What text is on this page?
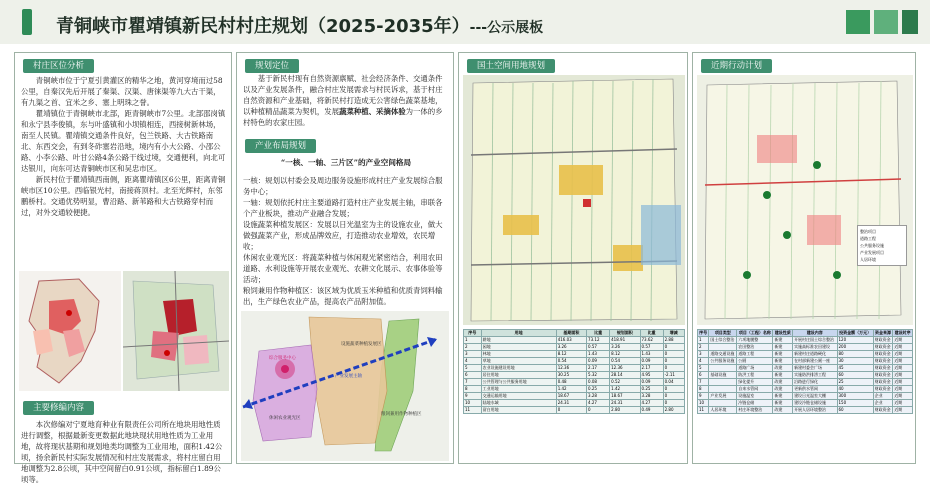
青铜峡市瞿靖镇新民村村庄规划（2025-2035年）---公示展板
村庄区位分析

青铜峡市位于宁夏引黄灌区的精华之地，黄河穿境而过58公里，自秦汉先后开展了秦渠、汉渠、唐徕渠等九大古干渠，有九渠之首、宜米之乡、塞上明珠之誉。

瞿靖镇位于青铜峡市北部，距青铜峡市7公里。北部邵岗镇和永宁县李俊镇，东与叶盛镇和小坝镇相连，西接树新林场，南至人民镇。瞿靖镇交通条件良好，包兰铁路、大古铁路南北、东西交会，有到冬砟塞岩沿地，境内有小大公路、小邵公路、小李公路、叶甘公路4条公路干线过境，交通便利，向北可达银川，向东可达青铜峡市区和吴忠市区。

新民村位于瞿靖镇西南侧，距离瞿靖镇区6公里，距离青铜峡市区10公里。西临银光村，南接蒋顶村。北至光辉村，东邻鹏桥村。交通优势明显，曹沿路、新苇路和大古铁路穿村而过，对外交通较便捷。

主要修编内容

本次修编对宁夏地育种业有限责任公司所在地块用地性质进行调整，根据最新变更数据此地块现状用地性质为工业用地，故将现状基期和规划地类均调整为工业用地，面积1.42公顷，扬余新民村实际发展情况和村庄发展需求，将村庄留白用地调整为2.8公顷，其中空间留白0.91公顷，指标留白1.89公顷等。

规划定位

基于新民村现有自然资源禀赋、社会经济条件、交通条件以及产业发展条件，融合村庄发展需求与村民诉求，基于村庄自然资源和产业基础，将新民村打造成无公害绿色蔬菜基地，以种植精品蔬菜为契机，发展蔬菜种植、采摘体验为一体的乡村特色的农家庄园。

产业布局规划
“一核、一轴、三片区”的产业空间格局
一核：规划以村委会及周边服务设施形成村庄产业发展综合服务中心；
一轴：规划依托村庄主要道路打造村庄产业发展主轴，串联各个产业板块，推动产业融合发展；
设施蔬菜种植发展区：发展以日光温室为主的设施农业，做大做强蔬菜产业，形成品牌效应，打造推动农业增效，农民增收；
休闲农业观光区：将蔬菜种植与休闲观光紧密结合，利用农田道路、水利设施等开展农业观光、农耕文化展示、农事体验等活动；
粮饲兼用作物种植区：该区域为优质玉米种植和优质青饲料输出，生产绿色农业产品，提高农产品附加值。
设施蔬菜种植发展区
休闲农业观光区
粮饲兼用作物种植区
综合服务中心
产业发展主轴
国土空间用地规划
序号	用地	基期面积	比重	规划面积	比重	增减
1	耕地	416.03	73.12	418.91	73.62	2.88
2	园地	3.26	0.57	3.26	0.57	0
3	林地	8.12	1.43	8.12	1.43	0
4	草地	0.54	0.09	0.54	0.09	0
5	农业设施建设用地	12.36	2.17	12.36	2.17	0
6	居住用地	30.25	5.32	28.14	4.95	-2.11
7	公共管理与公共服务用地	0.48	0.08	0.52	0.09	0.04
8	工业用地	1.42	0.25	1.42	0.25	0
9	交通运输用地	18.67	3.28	18.67	3.28	0
10	陆地水域	24.31	4.27	24.31	4.27	0
11	留白用地	0	0	2.80	0.49	2.80
近期行动计划
整治项目
道路工程
公共服务设施
产业发展项目
人居环境
序号	项目类型	项目（工程）名称	建设性质	建设内容	投资金额（万元）	资金来源	建设时序
1	国土综合整治	六项地膜整	新建	开展村庄国土综合整治	120	财政资金	近期
2		农田整治	新建	实施高标准农田建设	200	财政资金	近期
3	道路交通设施	道路工程	新建	新建村庄道路硬化	80	财政资金	近期
4	公共服务设施	公厕	新建	在村部新建公厕一座	30	财政资金	近期
5		道路广场	改建	新建村委会广场	45	财政资金	近期
6	基础设施	防洪工程	新建	实施防洪排涝工程	60	财政资金	近期
7		绿化提升	改建	沿路进行绿化	25	财政资金	近期
8		自来水管网	改建	更新供水管网	40	财政资金	近期
9	产业发展	设施温室	新建	建设日光温室大棚	300	企业	近期
10		冷链仓储	新建	建设冷链仓储设施	150	企业	近期
11	人居环境	村庄环境整治	改建	开展人居环境整治	60	财政资金	近期
